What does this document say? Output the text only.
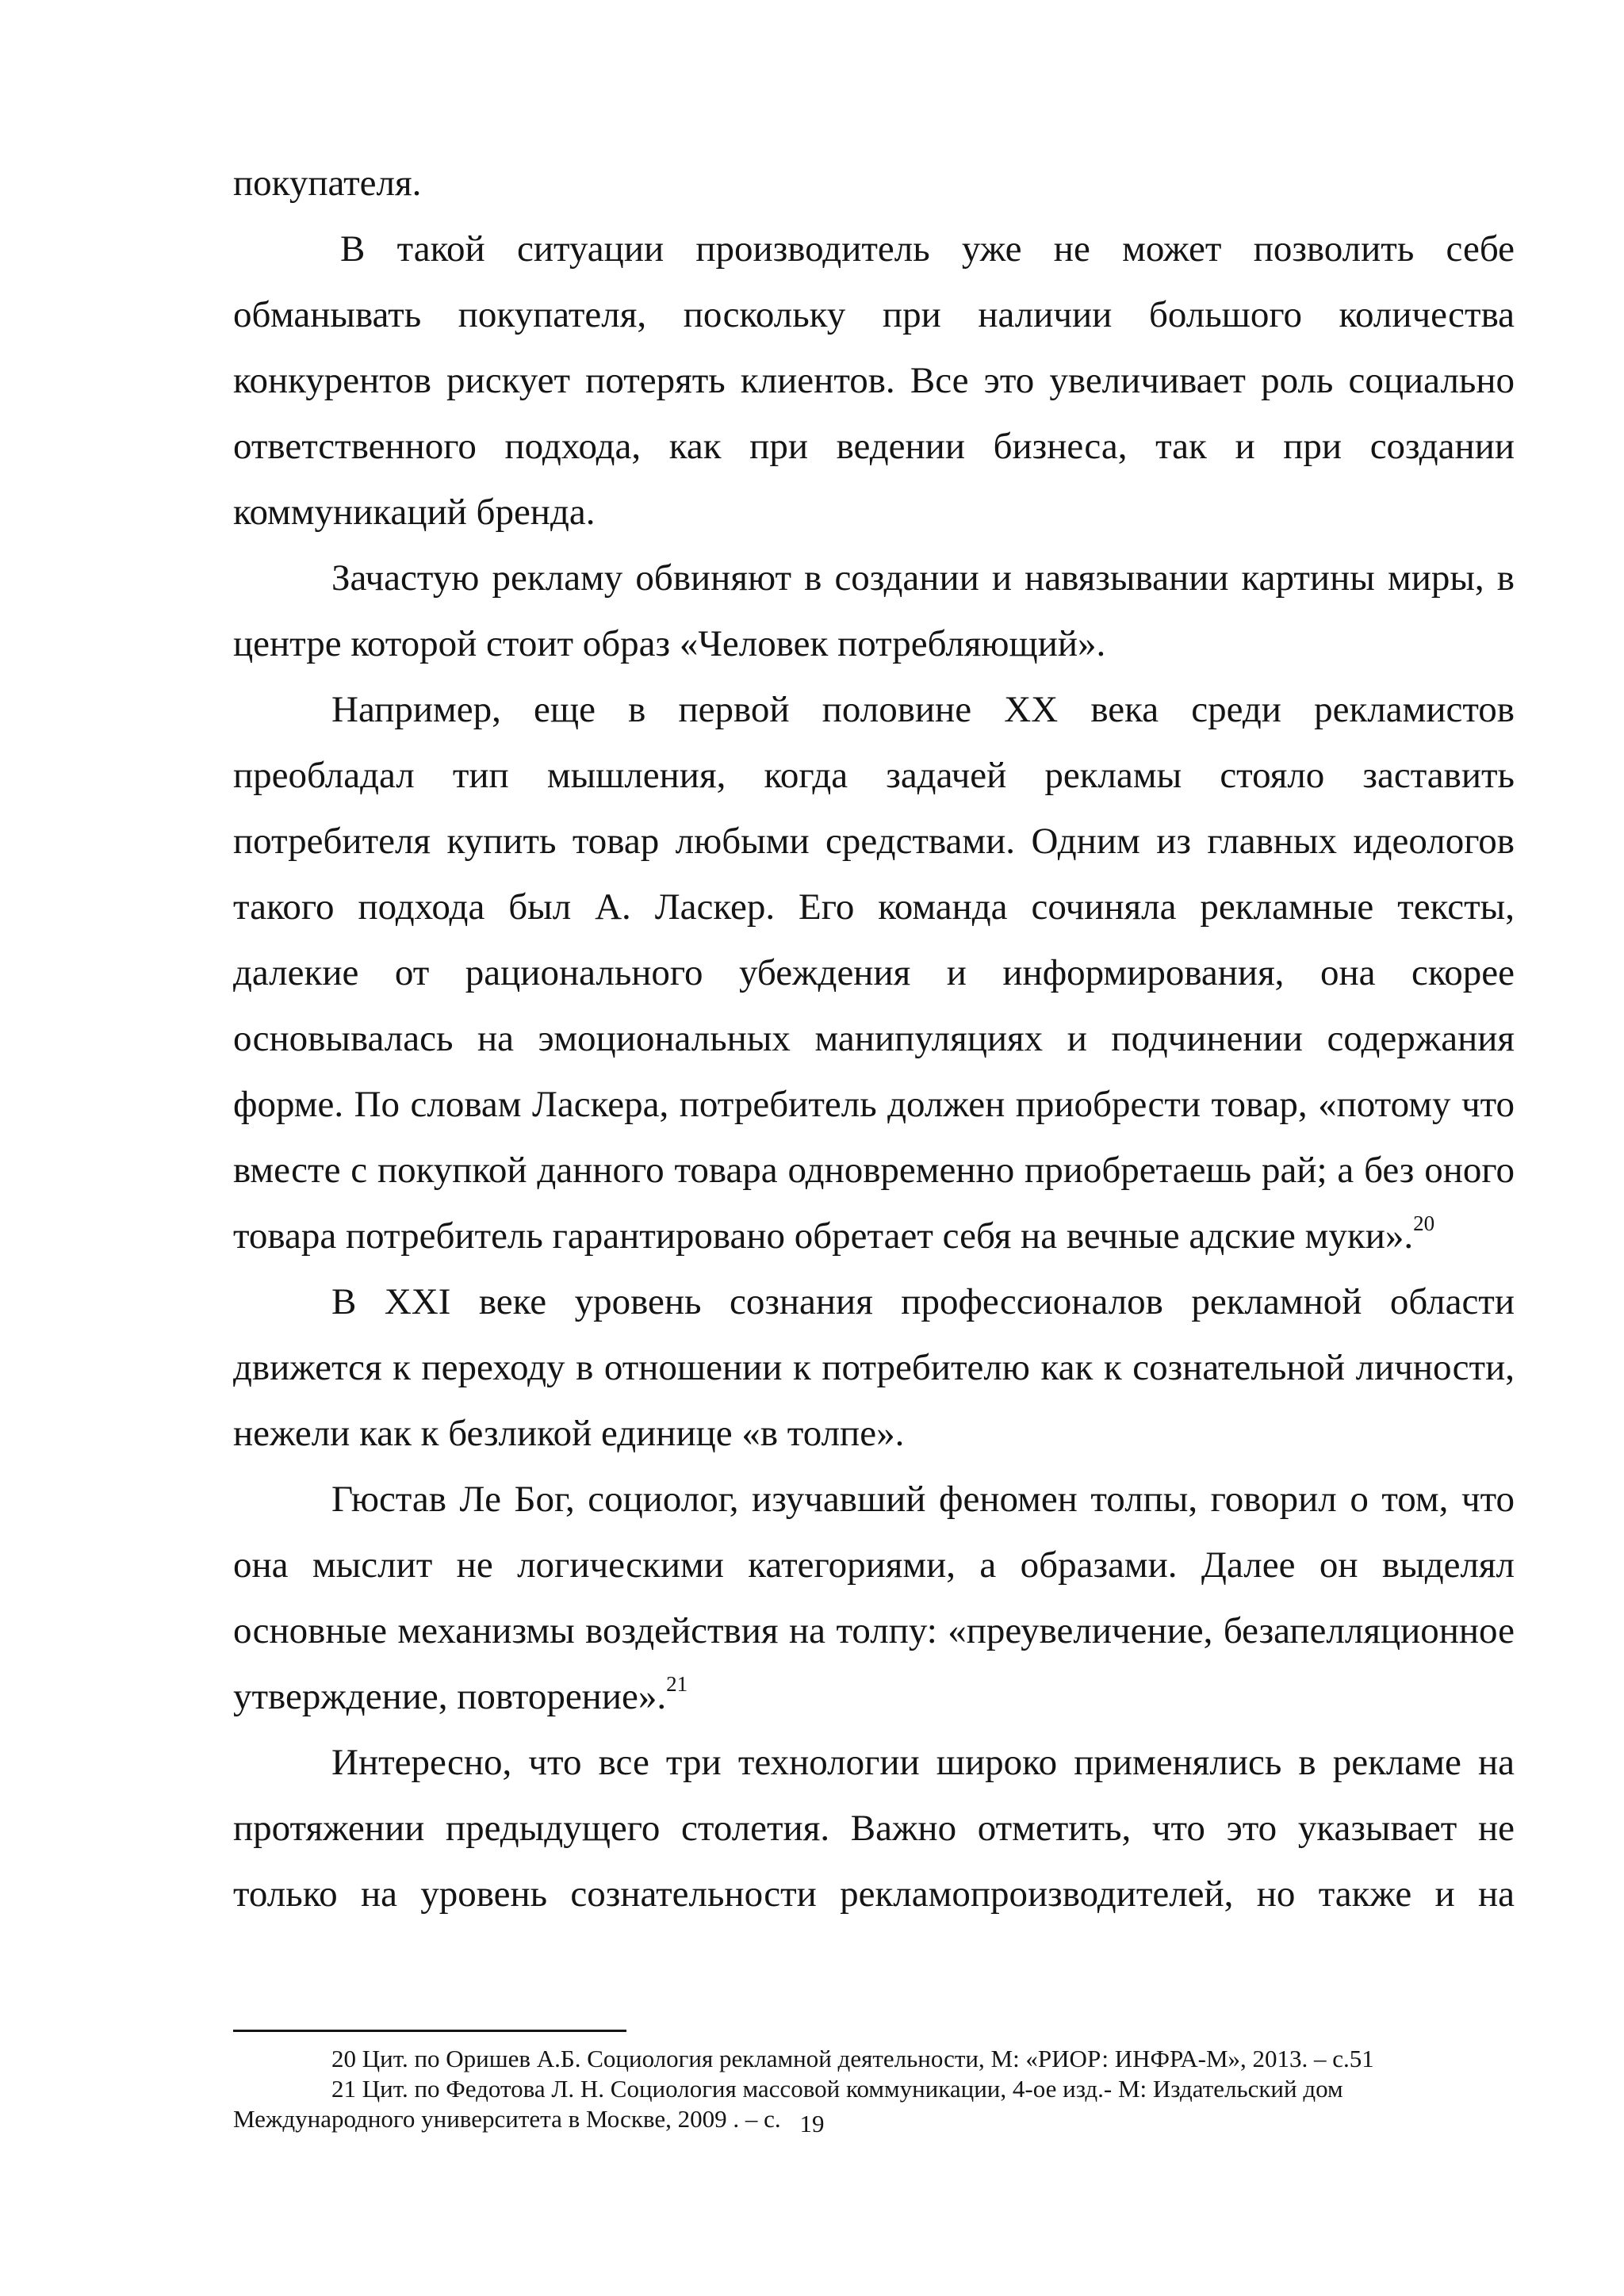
покупателя.

В такой ситуации производитель уже не может позволить себе обманывать покупателя, поскольку при наличии большого количества конкурентов рискует потерять клиентов. Все это увеличивает роль социально ответственного подхода, как при ведении бизнеса, так и при создании коммуникаций бренда.

Зачастую рекламу обвиняют в создании и навязывании картины миры, в центре которой стоит образ «Человек потребляющий».

Например, еще в первой половине XX века среди рекламистов преобладал тип мышления, когда задачей рекламы стояло заставить потребителя купить товар любыми средствами. Одним из главных идеологов такого подхода был А. Ласкер. Его команда сочиняла рекламные тексты, далекие от рационального убеждения и информирования, она скорее основывалась на эмоциональных манипуляциях и подчинении содержания форме. По словам Ласкера, потребитель должен приобрести товар, «потому что вместе с покупкой данного товара одновременно приобретаешь рай; а без оного товара потребитель гарантировано обретает себя на вечные адские муки».$^{20}$

В XXI веке уровень сознания профессионалов рекламной области движется к переходу в отношении к потребителю как к сознательной личности, нежели как к безликой единице «в толпе».

Гюстав Ле Бог, социолог, изучавший феномен толпы, говорил о том, что она мыслит не логическими категориями, а образами. Далее он выделял основные механизмы воздействия на толпу: «преувеличение, безапелляционное утверждение, повторение».$^{21}$

Интересно, что все три технологии широко применялись в рекламе на протяжении предыдущего столетия. Важно отметить, что это указывает не только на уровень сознательности рекламопроизводителей, но также и на

20 Цит. по Оришев А.Б. Социология рекламной деятельности, М: «РИОР: ИНФРА-М», 2013. – с.51

21 Цит. по Федотова Л. Н. Социология массовой коммуникации, 4-ое изд.- М: Издательский дом Международного университета в Москве, 2009 . – с. 19
